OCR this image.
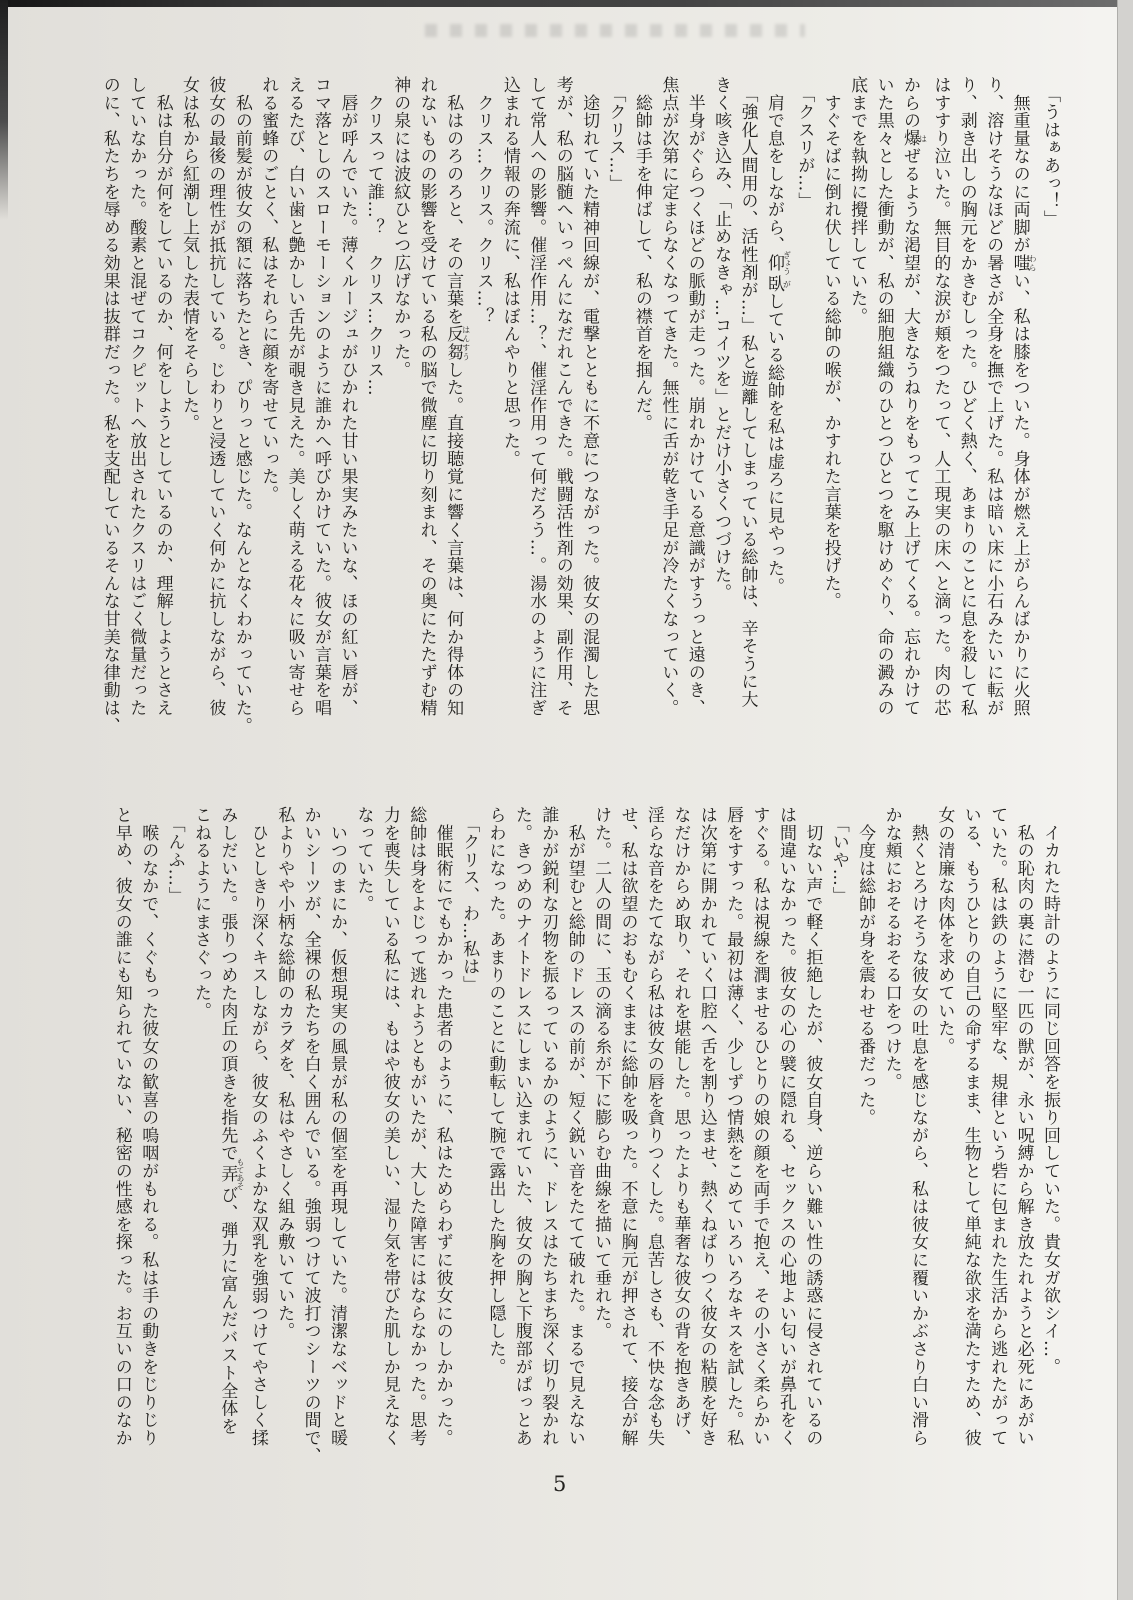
　「うはぁあっ！」
　無重量なのに両脚が嗤わらい、私は膝をついた。身体が燃え上がらんばかりに火照
り、溶けそうなほどの暑さが全身を撫で上げた。私は暗い床に小石みたいに転が
り、剥き出しの胸元をかきむしった。ひどく熱く、あまりのことに息を殺して私
はすすり泣いた。無目的な涙が頬をつたって、人工現実の床へと滴った。肉の芯
からの爆はぜるような渇望が、大きなうねりをもってこみ上げてくる。忘れかけて
いた黒々とした衝動が、私の細胞組織のひとつひとつを駆けめぐり、命の澱みの
底までを執拗に攪拌していた。
　すぐそばに倒れ伏している総帥の喉が、かすれた言葉を投げた。
　「クスリが…」
　肩で息をしながら、仰ぎょう臥がしている総帥を私は虚ろに見やった。
　「強化人間用の、活性剤が…」私と遊離してしまっている総帥は、辛そうに大
きく咳き込み、「止めなきゃ…コイツを」とだけ小さくつづけた。
　半身がぐらつくほどの脈動が走った。崩れかけている意識がすうっと遠のき、
焦点が次第に定まらなくなってきた。無性に舌が乾き手足が冷たくなっていく。
　総帥は手を伸ばして、私の襟首を掴んだ。
　「クリス…」
　途切れていた精神回線が、電撃とともに不意につながった。彼女の混濁した思
考が、私の脳髄へいっぺんになだれこんできた。戦闘活性剤の効果、副作用、そ
して常人への影響。催淫作用…？、催淫作用って何だろう…。湯水のように注ぎ
込まれる情報の奔流に、私はぼんやりと思った。
　クリス…クリス。クリス…？
　私はのろのろと、その言葉を反はん芻すうした。直接聴覚に響く言葉は、何か得体の知
れないものの影響を受けている私の脳で微塵に切り刻まれ、その奥にたたずむ精
神の泉には波紋ひとつ広げなかった。
　クリスって誰…？　クリス…クリス…
　唇が呼んでいた。薄くルージュがひかれた甘い果実みたいな、ほの紅い唇が、
コマ落としのスローモーションのように誰かへ呼びかけていた。彼女が言葉を唱
えるたび、白い歯と艶かしい舌先が覗き見えた。美しく萌える花々に吸い寄せら
れる蜜蜂のごとく、私はそれらに顔を寄せていった。
　私の前髪が彼女の額に落ちたとき、ぴりっと感じた。なんとなくわかっていた。
彼女の最後の理性が抵抗している。じわりと浸透していく何かに抗しながら、彼
女は私から紅潮し上気した表情をそらした。
　私は自分が何をしているのか、何をしようとしているのか、理解しようとさえ
していなかった。酸素と混ぜてコクピットへ放出されたクスリはごく微量だった
のに、私たちを辱める効果は抜群だった。私を支配しているそんな甘美な律動は、
　イカれた時計のように同じ回答を振り回していた。貴女ガ欲シイ…。
　私の恥肉の裏に潜む一匹の獣が、永い呪縛から解き放たれようと必死にあがい
ていた。私は鉄のように堅牢な、規律という砦に包まれた生活から逃れたがって
いる、もうひとりの自己の命ずるまま、生物として単純な欲求を満たすため、彼
女の清廉な肉体を求めていた。
　熱くとろけそうな彼女の吐息を感じながら、私は彼女に覆いかぶさり白い滑ら
かな頬におそるおそる口をつけた。
　今度は総帥が身を震わせる番だった。
　「いや…」
　切ない声で軽く拒絶したが、彼女自身、逆らい難い性の誘惑に侵されているの
は間違いなかった。彼女の心の襞に隠れる、セックスの心地よい匂いが鼻孔をく
すぐる。私は視線を潤ませるひとりの娘の顔を両手で抱え、その小さく柔らかい
唇をすすった。最初は薄く、少しずつ情熱をこめていろいろなキスを試した。私
は次第に開かれていく口腔へ舌を割り込ませ、熱くねばりつく彼女の粘膜を好き
なだけからめ取り、それを堪能した。思ったよりも華奢な彼女の背を抱きあげ、
淫らな音をたてながら私は彼女の唇を貪りつくした。息苦しさも、不快な念も失
せ、私は欲望のおもむくままに総帥を吸った。不意に胸元が押されて、接合が解
けた。二人の間に、玉の滴る糸が下に膨らむ曲線を描いて垂れた。
　私が望むと総帥のドレスの前が、短く鋭い音をたてて破れた。まるで見えない
誰かが鋭利な刃物を振るっているかのように、ドレスはたちまち深く切り裂かれ
た。きつめのナイトドレスにしまい込まれていた、彼女の胸と下腹部がぱっとあ
らわになった。あまりのことに動転して腕で露出した胸を押し隠した。
　「クリス、わ…私は」
　催眠術にでもかかった患者のように、私はためらわずに彼女にのしかかった。
総帥は身をよじって逃れようともがいたが、大した障害にはならなかった。思考
力を喪失している私には、もはや彼女の美しい、湿り気を帯びた肌しか見えなく
なっていた。
　いつのまにか、仮想現実の風景が私の個室を再現していた。清潔なベッドと暖
かいシーツが、全裸の私たちを白く囲んでいる。強弱つけて波打つシーツの間で、
私よりやや小柄な総帥のカラダを、私はやさしく組み敷いていた。
　ひとしきり深くキスしながら、彼女のふくよかな双乳を強弱つけてやさしく揉
みしだいた。張りつめた肉丘の頂きを指先で弄もてあそび、弾力に富んだバスト全体を
こねるようにまさぐった。
　「んふ…」
　喉のなかで、くぐもった彼女の歓喜の嗚咽がもれる。私は手の動きをじりじり
と早め、彼女の誰にも知られていない、秘密の性感を探った。お互いの口のなか
5
